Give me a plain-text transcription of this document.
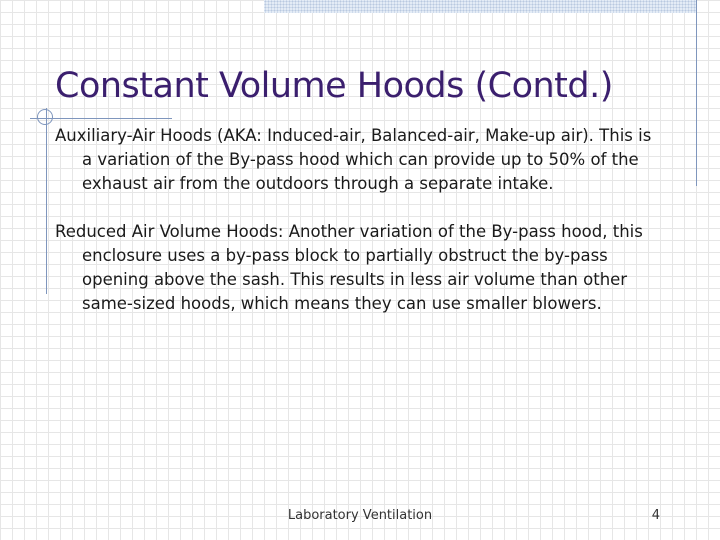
Constant Volume Hoods (Contd.)

Auxiliary-Air Hoods (AKA: Induced-air, Balanced-air, Make-up air). This is a variation of the By-pass hood which can provide up to 50% of the exhaust air from the outdoors through a separate intake.

Reduced Air Volume Hoods: Another variation of the By-pass hood, this enclosure uses a by-pass block to partially obstruct the by-pass opening above the sash. This results in less air volume than other same-sized hoods, which means they can use smaller blowers.

Laboratory Ventilation	4
